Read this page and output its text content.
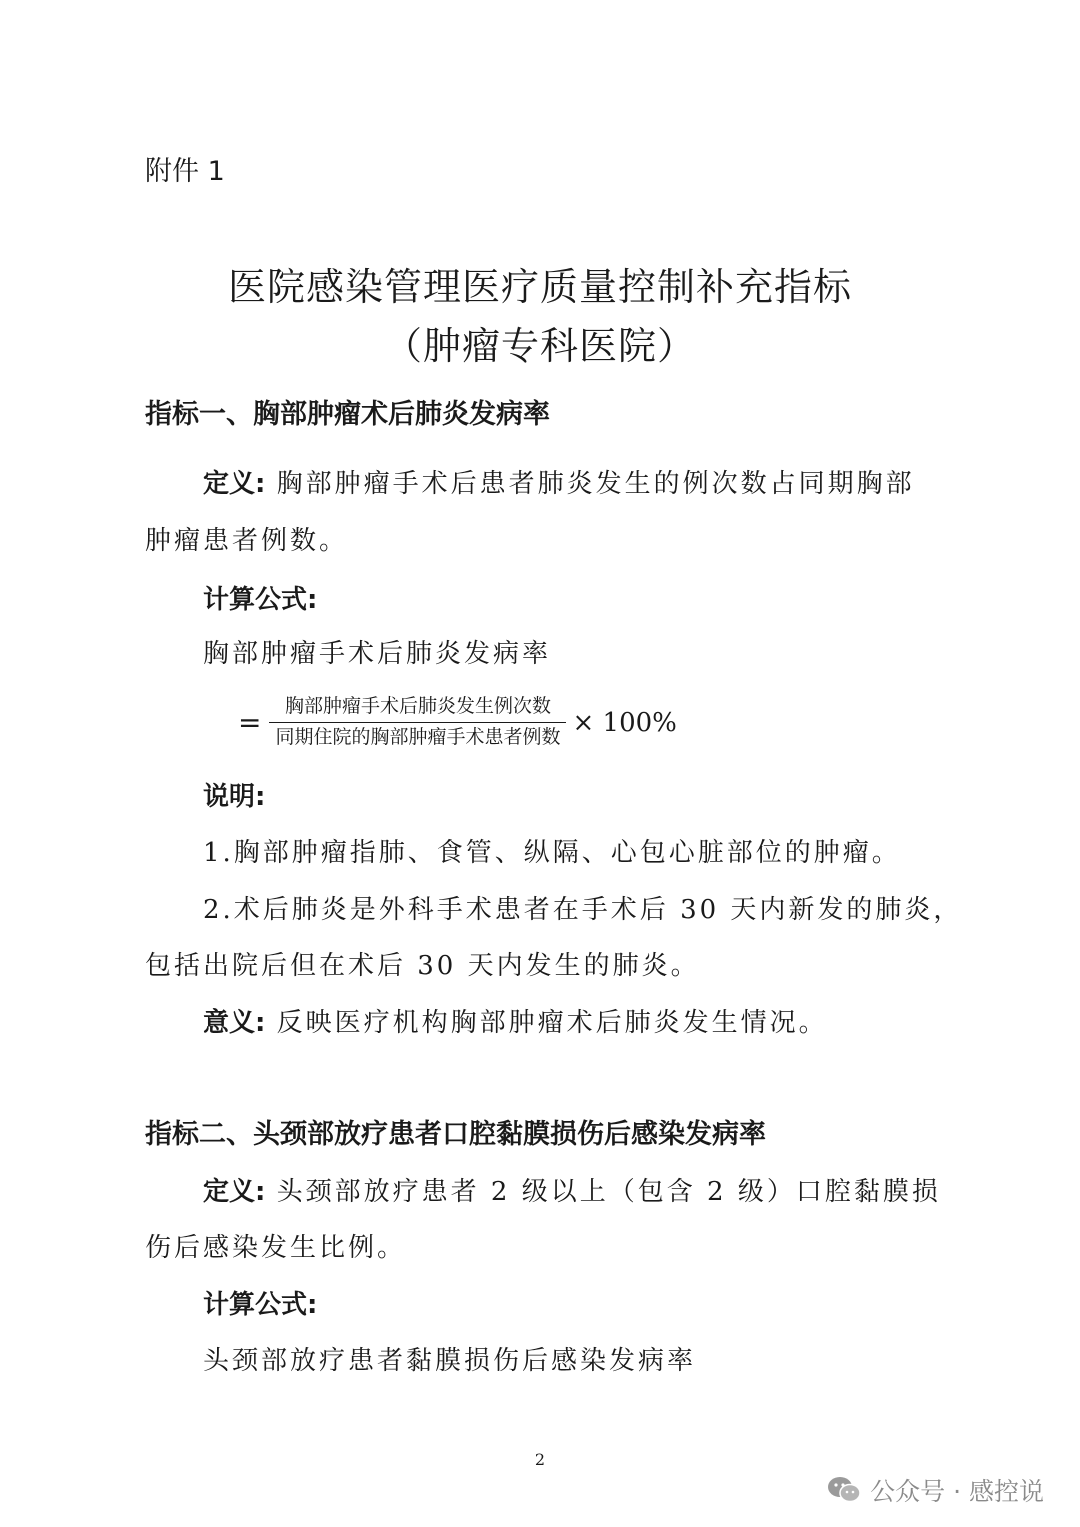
附件 1
医院感染管理医疗质量控制补充指标
（肿瘤专科医院）
指标一、胸部肿瘤术后肺炎发病率
定义: 胸部肿瘤手术后患者肺炎发生的例次数占同期胸部
肿瘤患者例数。
计算公式:
胸部肿瘤手术后肺炎发病率
= $\frac{\text{胸部肿瘤手术后肺炎发生例次数}}{\text{同期住院的胸部肿瘤手术患者例数}} \times 100\%$
说明:
1.胸部肿瘤指肺、食管、纵隔、心包心脏部位的肿瘤。
2.术后肺炎是外科手术患者在手术后 30 天内新发的肺炎，
包括出院后但在术后 30 天内发生的肺炎。
意义: 反映医疗机构胸部肿瘤术后肺炎发生情况。
指标二、头颈部放疗患者口腔黏膜损伤后感染发病率
定义: 头颈部放疗患者 2 级以上（包含 2 级）口腔黏膜损
伤后感染发生比例。
计算公式:
头颈部放疗患者黏膜损伤后感染发病率
2
公众号 · 感控说
